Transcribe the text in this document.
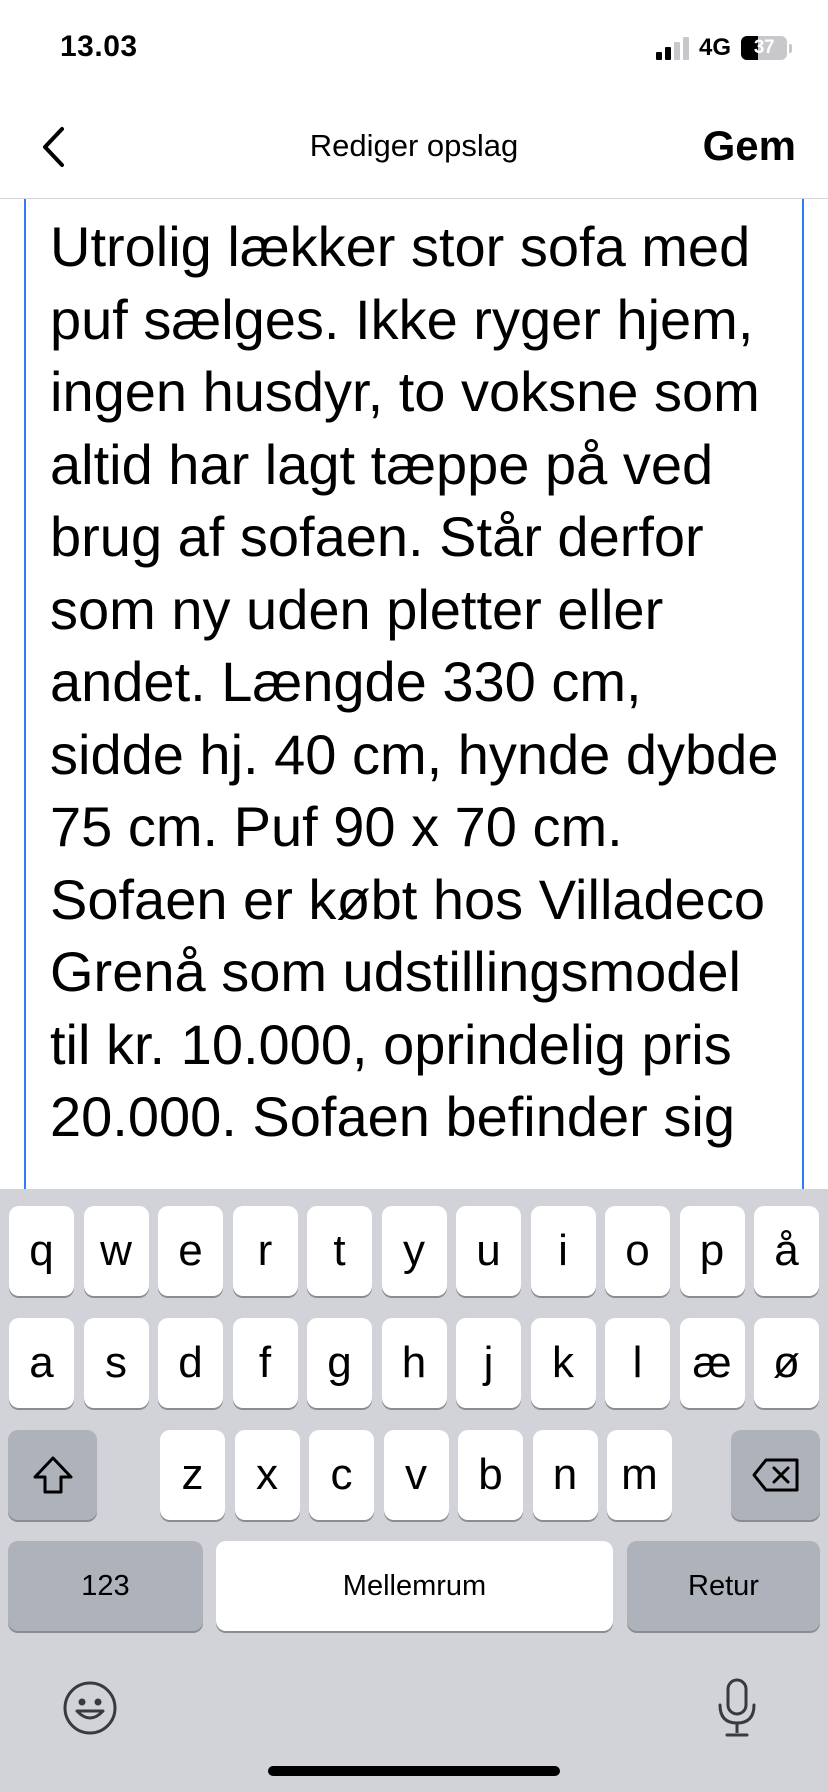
13.03	4G 37
Rediger opslag	Gem

Utrolig lækker stor sofa med puf sælges. Ikke ryger hjem, ingen husdyr, to voksne som altid har lagt tæppe på ved brug af sofaen. Står derfor som ny uden pletter eller andet. Længde 330 cm, sidde hj. 40 cm, hynde dybde 75 cm. Puf 90 x 70 cm. Sofaen er købt hos Villadeco Grenå som udstillingsmodel til kr. 10.000, oprindelig pris 20.000. Sofaen befinder sig

q	w	e	r	t	y	u	i	o	p	å
a	s	d	f	g	h	j	k	l	æ ø
z	x	c	v	b	n m
123	Mellemrum	Retur
